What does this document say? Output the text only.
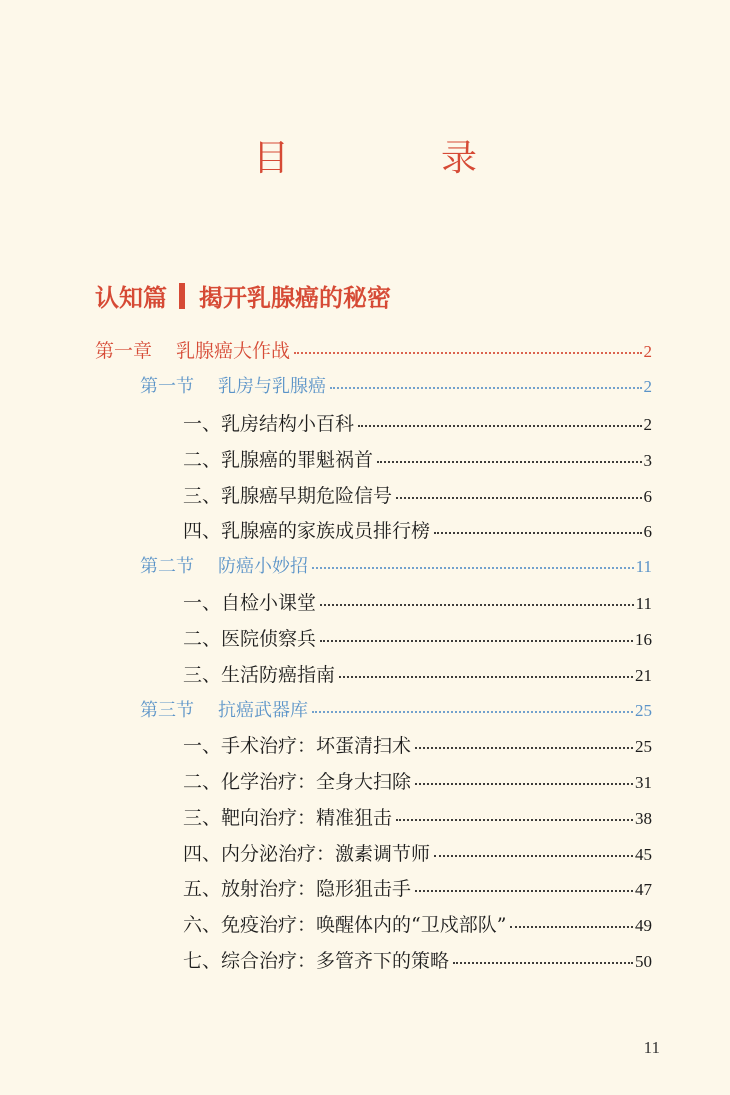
目　录
认知篇 揭开乳腺癌的秘密
第一章 乳腺癌大作战	2
第一节 乳房与乳腺癌	2
一、乳房结构小百科	2
二、乳腺癌的罪魁祸首	3
三、乳腺癌早期危险信号	6
四、乳腺癌的家族成员排行榜	6
第二节 防癌小妙招	11
一、自检小课堂	11
二、医院侦察兵	16
三、生活防癌指南	21
第三节 抗癌武器库	25
一、手术治疗：坏蛋清扫术	25
二、化学治疗：全身大扫除	31
三、靶向治疗：精准狙击	38
四、内分泌治疗：激素调节师	45
五、放射治疗：隐形狙击手	47
六、免疫治疗：唤醒体内的“卫戍部队”	49
七、综合治疗：多管齐下的策略	50
11
